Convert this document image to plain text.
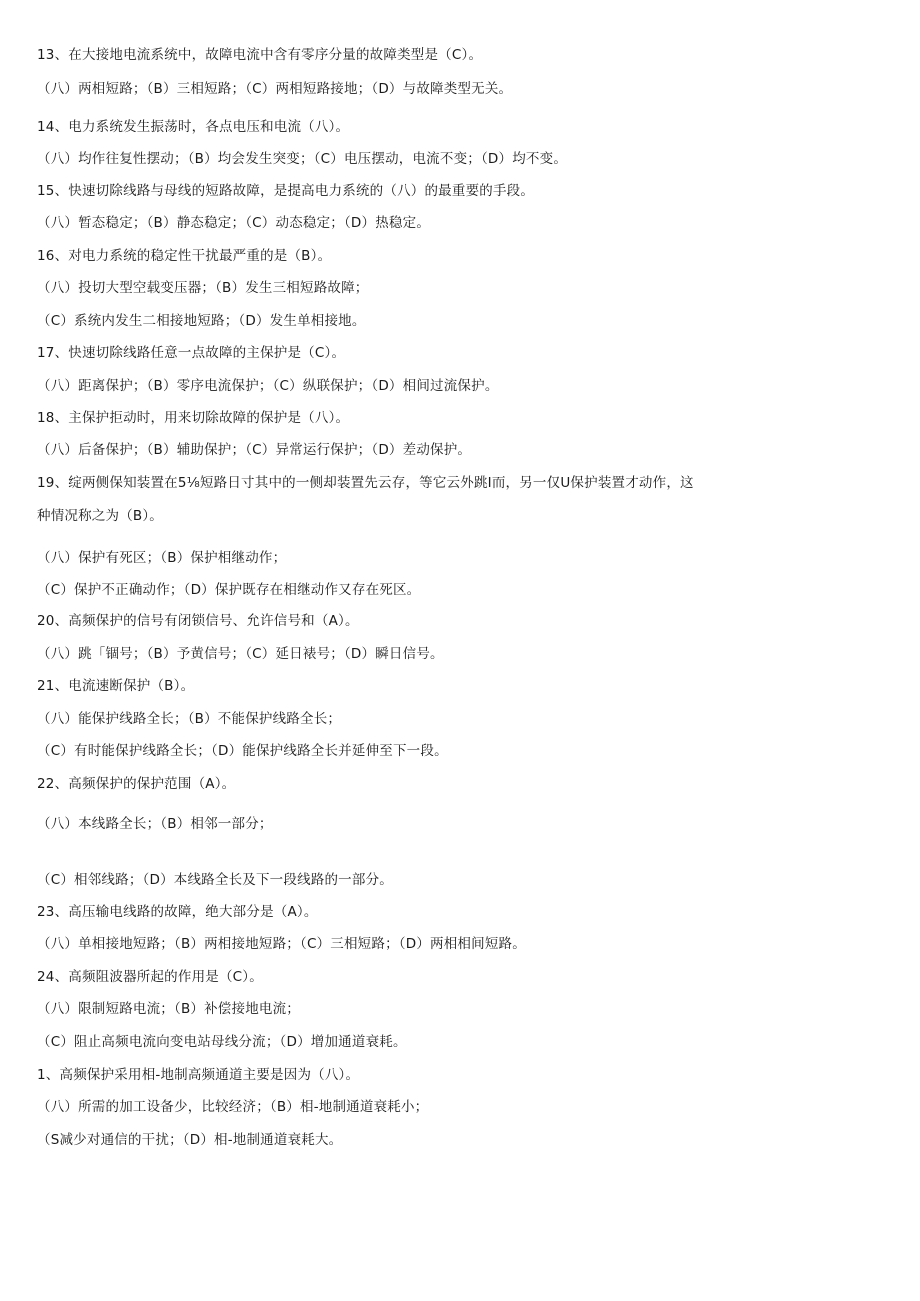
13、在大接地电流系统中，故障电流中含有零序分量的故障类型是（C）。
（八）两相短路；（B）三相短路；（C）两相短路接地；（D）与故障类型无关。
14、电力系统发生振荡时，各点电压和电流（八）。
（八）均作往复性摆动；（B）均会发生突变；（C）电压摆动，电流不变；（D）均不变。
15、快速切除线路与母线的短路故障，是提高电力系统的（八）的最重要的手段。
（八）暂态稳定；（B）静态稳定；（C）动态稳定；（D）热稳定。
16、对电力系统的稳定性干扰最严重的是（B）。
（八）投切大型空载变压器；（B）发生三相短路故障；
（C）系统内发生二相接地短路；（D）发生单相接地。
17、快速切除线路任意一点故障的主保护是（C）。
（八）距离保护；（B）零序电流保护；（C）纵联保护；（D）相间过流保护。
18、主保护拒动时，用来切除故障的保护是（八）。
（八）后备保护；（B）辅助保护；（C）异常运行保护；（D）差动保护。
19、绽两侧保知装置在5⅛短路日寸其中的一侧却装置先云存，等它云外跳I而，另一仅U保护装置才动作，这
种情况称之为（B）。
（八）保护有死区；（B）保护相继动作；
（C）保护不正确动作；（D）保护既存在相继动作又存在死区。
20、高频保护的信号有闭锁信号、允许信号和（A）。
（八）跳「锢号；（B）予黄信号；（C）延日裱号；（D）瞬日信号。
21、电流速断保护（B）。
（八）能保护线路全长；（B）不能保护线路全长；
（C）有时能保护线路全长；（D）能保护线路全长并延伸至下一段。
22、高频保护的保护范围（A）。
（八）本线路全长；（B）相邻一部分；
（C）相邻线路；（D）本线路全长及下一段线路的一部分。
23、高压输电线路的故障，绝大部分是（A）。
（八）单相接地短路；（B）两相接地短路；（C）三相短路；（D）两相相间短路。
24、高频阻波器所起的作用是（C）。
（八）限制短路电流；（B）补偿接地电流；
（C）阻止高频电流向变电站母线分流；（D）增加通道衰耗。
1、高频保护采用相-地制高频通道主要是因为（八）。
（八）所需的加工设备少，比较经济；（B）相-地制通道衰耗小；
（S减少对通信的干扰；（D）相-地制通道衰耗大。
